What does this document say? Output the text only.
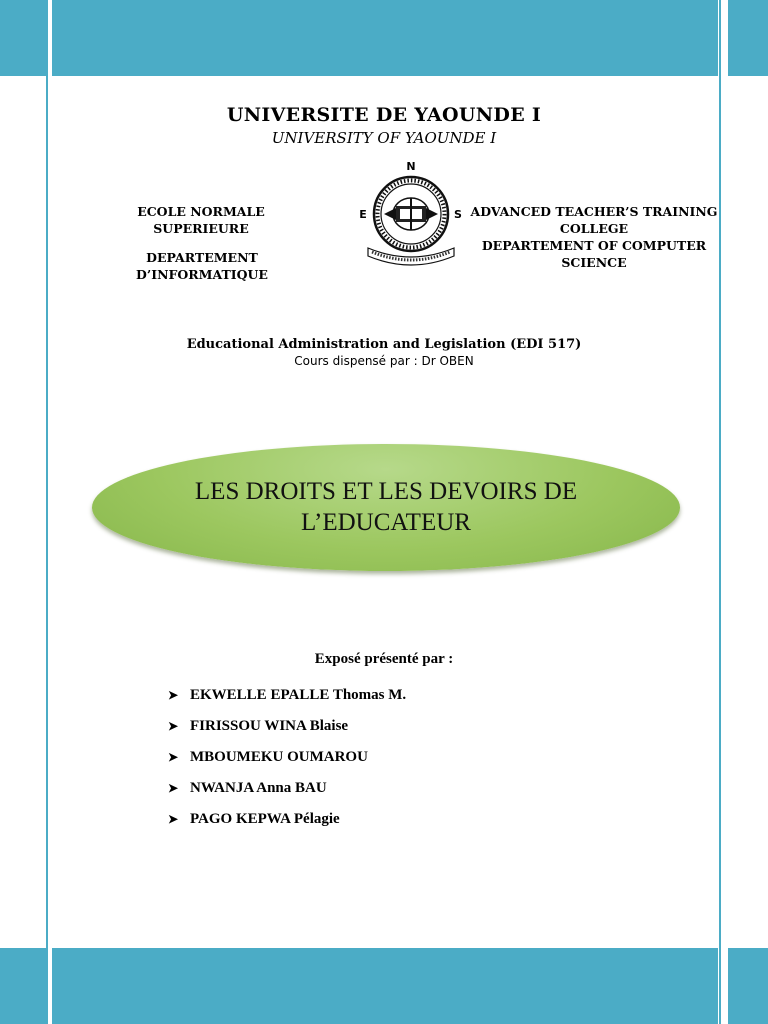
UNIVERSITE DE YAOUNDE I
UNIVERSITY OF YAOUNDE I
ECOLE NORMALE SUPERIEURE
DEPARTEMENT D’INFORMATIQUE
ADVANCED TEACHER’S TRAINING
COLLEGE
DEPARTEMENT OF COMPUTER
SCIENCE
N
E	S
Educational Administration and Legislation (EDI 517)
Cours dispensé par : Dr OBEN
LES DROITS ET LES DEVOIRS DE
L’EDUCATEUR
Exposé présenté par :
➤ EKWELLE EPALLE Thomas M.
➤ FIRISSOU WINA Blaise
➤ MBOUMEKU OUMAROU
➤ NWANJA Anna BAU
➤ PAGO KEPWA Pélagie
